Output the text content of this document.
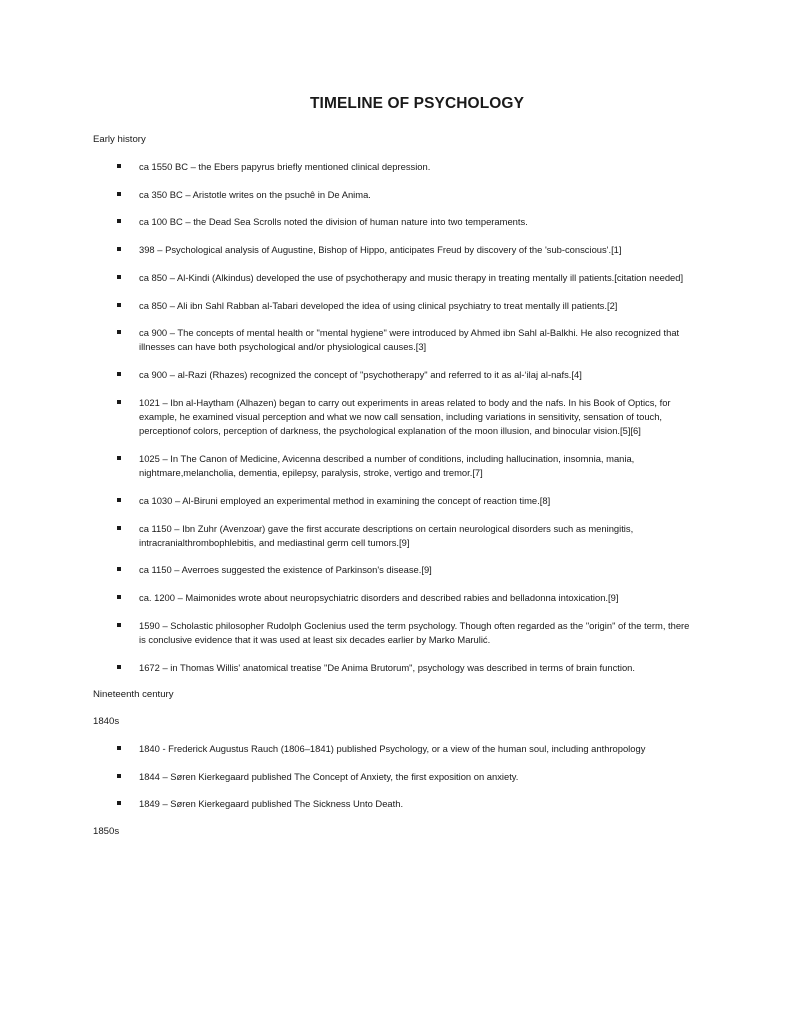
TIMELINE OF PSYCHOLOGY
Early history
ca 1550 BC – the Ebers papyrus briefly mentioned clinical depression.
ca 350 BC – Aristotle writes on the psuchê in De Anima.
ca 100 BC – the Dead Sea Scrolls noted the division of human nature into two temperaments.
398 – Psychological analysis of Augustine, Bishop of Hippo, anticipates Freud by discovery of the 'sub-conscious'.[1]
ca 850 – Al-Kindi (Alkindus) developed the use of psychotherapy and music therapy in treating mentally ill patients.[citation needed]
ca 850 – Ali ibn Sahl Rabban al-Tabari developed the idea of using clinical psychiatry to treat mentally ill patients.[2]
ca 900 – The concepts of mental health or "mental hygiene" were introduced by Ahmed ibn Sahl al-Balkhi. He also recognized that illnesses can have both psychological and/or physiological causes.[3]
ca 900 – al-Razi (Rhazes) recognized the concept of "psychotherapy" and referred to it as al-‘ilaj al-nafs.[4]
1021 – Ibn al-Haytham (Alhazen) began to carry out experiments in areas related to body and the nafs. In his Book of Optics, for example, he examined visual perception and what we now call sensation, including variations in sensitivity, sensation of touch, perceptionof colors, perception of darkness, the psychological explanation of the moon illusion, and binocular vision.[5][6]
1025 – In The Canon of Medicine, Avicenna described a number of conditions, including hallucination, insomnia, mania, nightmare,melancholia, dementia, epilepsy, paralysis, stroke, vertigo and tremor.[7]
ca 1030 – Al-Biruni employed an experimental method in examining the concept of reaction time.[8]
ca 1150 – Ibn Zuhr (Avenzoar) gave the first accurate descriptions on certain neurological disorders such as meningitis, intracranialthrombophlebitis, and mediastinal germ cell tumors.[9]
ca 1150 – Averroes suggested the existence of Parkinson's disease.[9]
ca. 1200 – Maimonides wrote about neuropsychiatric disorders and described rabies and belladonna intoxication.[9]
1590 – Scholastic philosopher Rudolph Goclenius used the term psychology. Though often regarded as the "origin" of the term, there is conclusive evidence that it was used at least six decades earlier by Marko Marulić.
1672 – in Thomas Willis' anatomical treatise "De Anima Brutorum", psychology was described in terms of brain function.
Nineteenth century
1840s
1840 - Frederick Augustus Rauch (1806–1841) published Psychology, or a view of the human soul, including anthropology
1844 – Søren Kierkegaard published The Concept of Anxiety, the first exposition on anxiety.
1849 – Søren Kierkegaard published The Sickness Unto Death.
1850s
